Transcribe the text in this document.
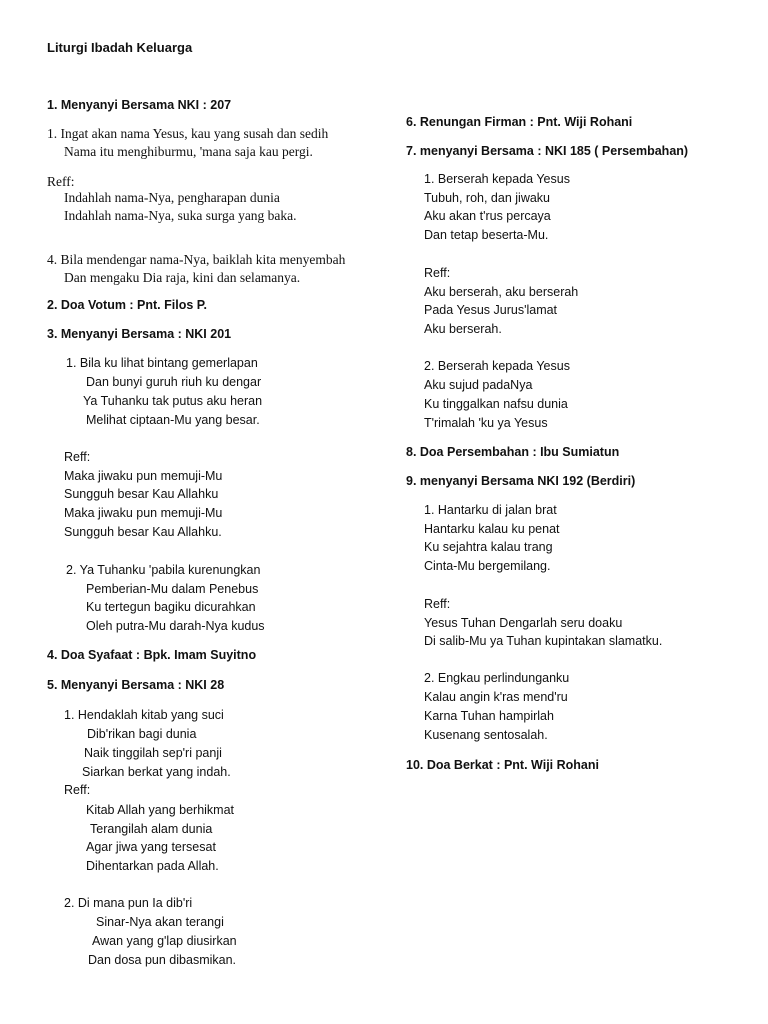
Liturgi Ibadah Keluarga
1. Menyanyi Bersama NKI : 207
1. Ingat akan nama Yesus, kau yang susah dan sedih
Nama itu menghiburmu, 'mana saja kau pergi.
Reff:
Indahlah nama-Nya, pengharapan dunia
Indahlah nama-Nya, suka surga yang baka.
4. Bila mendengar nama-Nya, baiklah kita menyembah
Dan mengaku Dia raja, kini dan selamanya.
2. Doa Votum : Pnt. Filos P.
3. Menyanyi Bersama : NKI 201
1. Bila ku lihat bintang gemerlapan
Dan bunyi guruh riuh ku dengar
Ya Tuhanku tak putus aku heran
Melihat ciptaan-Mu yang besar.
Reff:
Maka jiwaku pun memuji-Mu
Sungguh besar Kau Allahku
Maka jiwaku pun memuji-Mu
Sungguh besar Kau Allahku.
2. Ya Tuhanku 'pabila kurenungkan
Pemberian-Mu dalam Penebus
Ku tertegun bagiku dicurahkan
Oleh putra-Mu darah-Nya kudus
4. Doa Syafaat : Bpk. Imam Suyitno
5. Menyanyi Bersama : NKI 28
1. Hendaklah kitab yang suci
Dib'rikan bagi dunia
Naik tinggilah sep'ri panji
Siarkan berkat yang indah.
Reff:
Kitab Allah yang berhikmat
Terangilah alam dunia
Agar jiwa yang tersesat
Dihentarkan pada Allah.
2. Di mana pun Ia dib'ri
Sinar-Nya akan terangi
Awan yang g'lap diusirkan
Dan dosa pun dibasmikan.
6. Renungan Firman : Pnt. Wiji Rohani
7. menyanyi Bersama : NKI 185 ( Persembahan)
1. Berserah kepada Yesus
Tubuh, roh, dan jiwaku
Aku akan t'rus percaya
Dan tetap beserta-Mu.
Reff:
Aku berserah, aku berserah
Pada Yesus Jurus'lamat
Aku berserah.
2. Berserah kepada Yesus
Aku sujud padaNya
Ku tinggalkan nafsu dunia
T'rimalah 'ku ya Yesus
8. Doa Persembahan : Ibu Sumiatun
9. menyanyi Bersama NKI 192 (Berdiri)
1. Hantarku di jalan brat
Hantarku kalau ku penat
Ku sejahtra kalau trang
Cinta-Mu bergemilang.
Reff:
Yesus Tuhan Dengarlah seru doaku
Di salib-Mu ya Tuhan kupintakan slamatku.
2. Engkau perlindunganku
Kalau angin k'ras mend'ru
Karna Tuhan hampirlah
Kusenang sentosalah.
10. Doa Berkat : Pnt. Wiji Rohani
